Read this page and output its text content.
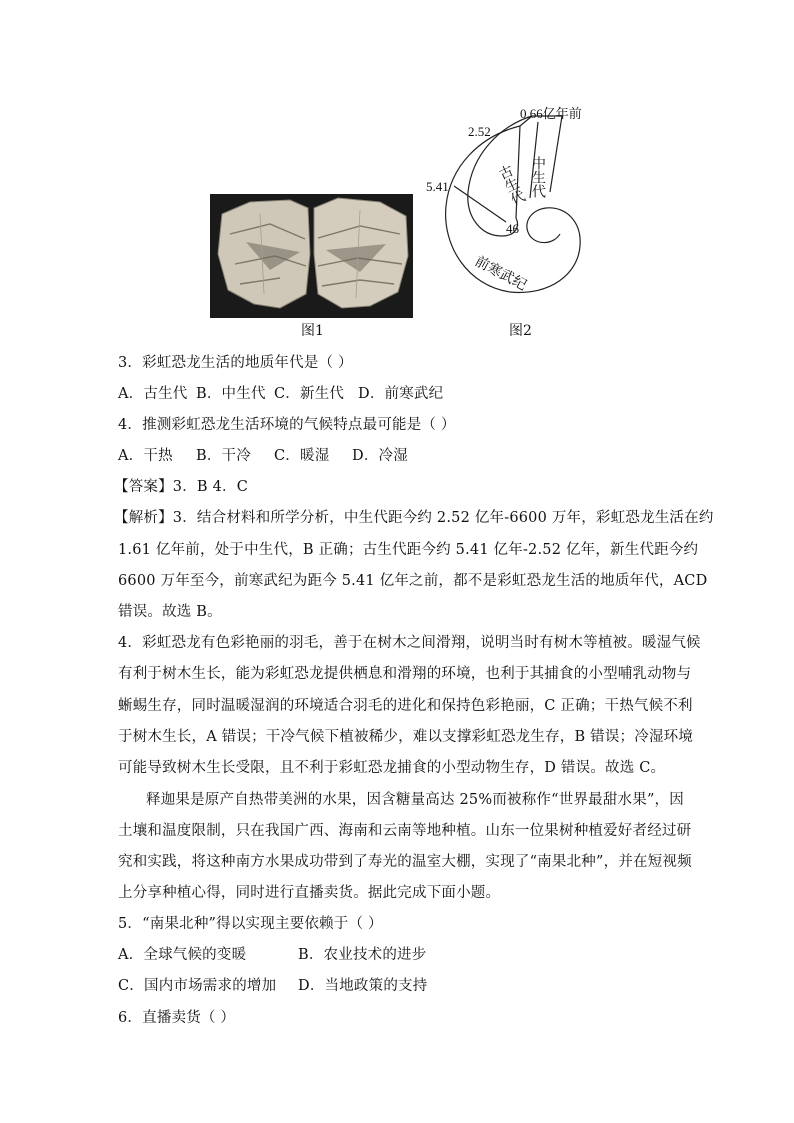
图1
0.66亿年前
2.52
5.41
46
中生代
古生代
前寒武纪
图2
3．彩虹恐龙生活的地质年代是（ ）
A．古生代 B．中生代 C．新生代 D．前寒武纪
4．推测彩虹恐龙生活环境的气候特点最可能是（ ）
A．干热 B．干冷 C．暖湿 D．冷湿
【答案】3．B 4．C
【解析】3．结合材料和所学分析，中生代距今约 2.52 亿年-6600 万年，彩虹恐龙生活在约
1.61 亿年前，处于中生代，B 正确；古生代距今约 5.41 亿年-2.52 亿年，新生代距今约
6600 万年至今，前寒武纪为距今 5.41 亿年之前，都不是彩虹恐龙生活的地质年代，ACD
错误。故选 B。
4．彩虹恐龙有色彩艳丽的羽毛，善于在树木之间滑翔，说明当时有树木等植被。暖湿气候
有利于树木生长，能为彩虹恐龙提供栖息和滑翔的环境，也利于其捕食的小型哺乳动物与
蜥蜴生存，同时温暖湿润的环境适合羽毛的进化和保持色彩艳丽，C 正确；干热气候不利
于树木生长，A 错误；干冷气候下植被稀少，难以支撑彩虹恐龙生存，B 错误；冷湿环境
可能导致树木生长受限，且不利于彩虹恐龙捕食的小型动物生存，D 错误。故选 C。
释迦果是原产自热带美洲的水果，因含糖量高达 25%而被称作“世界最甜水果”，因
土壤和温度限制，只在我国广西、海南和云南等地种植。山东一位果树种植爱好者经过研
究和实践，将这种南方水果成功带到了寿光的温室大棚，实现了“南果北种”，并在短视频
上分享种植心得，同时进行直播卖货。据此完成下面小题。
5．“南果北种”得以实现主要依赖于（ ）
A．全球气候的变暖	B．农业技术的进步
C．国内市场需求的增加 D．当地政策的支持
6．直播卖货（ ）
